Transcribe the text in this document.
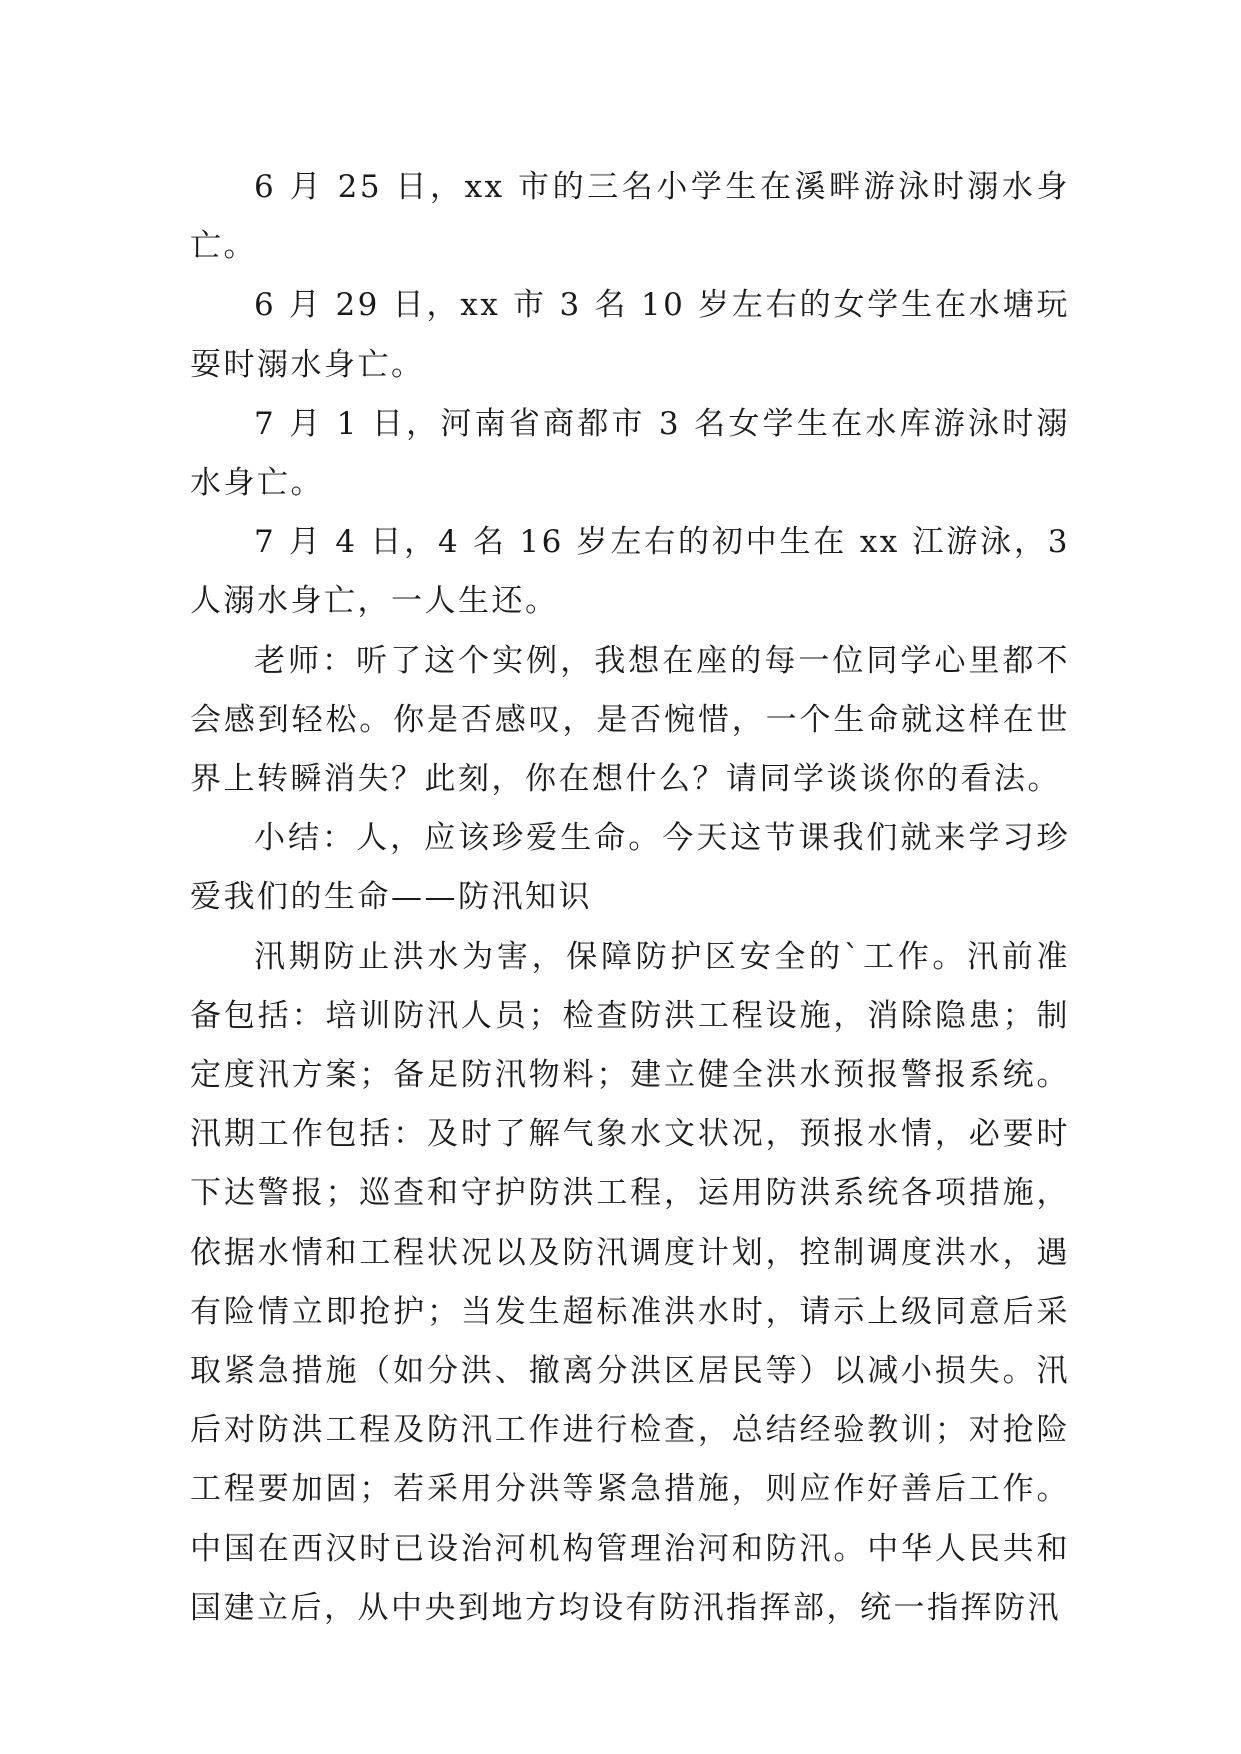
6 月 25 日，xx 市的三名小学生在溪畔游泳时溺水身亡。

6 月 29 日，xx 市 3 名 10 岁左右的女学生在水塘玩耍时溺水身亡。

7 月 1 日，河南省商都市 3 名女学生在水库游泳时溺水身亡。

7 月 4 日，4 名 16 岁左右的初中生在 xx 江游泳，3 人溺水身亡，一人生还。

老师：听了这个实例，我想在座的每一位同学心里都不会感到轻松。你是否感叹，是否惋惜，一个生命就这样在世界上转瞬消失？此刻，你在想什么？请同学谈谈你的看法。

小结：人，应该珍爱生命。今天这节课我们就来学习珍爱我们的生命——防汛知识

汛期防止洪水为害，保障防护区安全的`工作。汛前准备包括：培训防汛人员；检查防洪工程设施，消除隐患；制定度汛方案；备足防汛物料；建立健全洪水预报警报系统。汛期工作包括：及时了解气象水文状况，预报水情，必要时下达警报；巡查和守护防洪工程，运用防洪系统各项措施，依据水情和工程状况以及防汛调度计划，控制调度洪水，遇有险情立即抢护；当发生超标准洪水时，请示上级同意后采取紧急措施（如分洪、撤离分洪区居民等）以减小损失。汛后对防洪工程及防汛工作进行检查，总结经验教训；对抢险工程要加固；若采用分洪等紧急措施，则应作好善后工作。中国在西汉时已设治河机构管理治河和防汛。中华人民共和国建立后，从中央到地方均设有防汛指挥部，统一指挥防汛
